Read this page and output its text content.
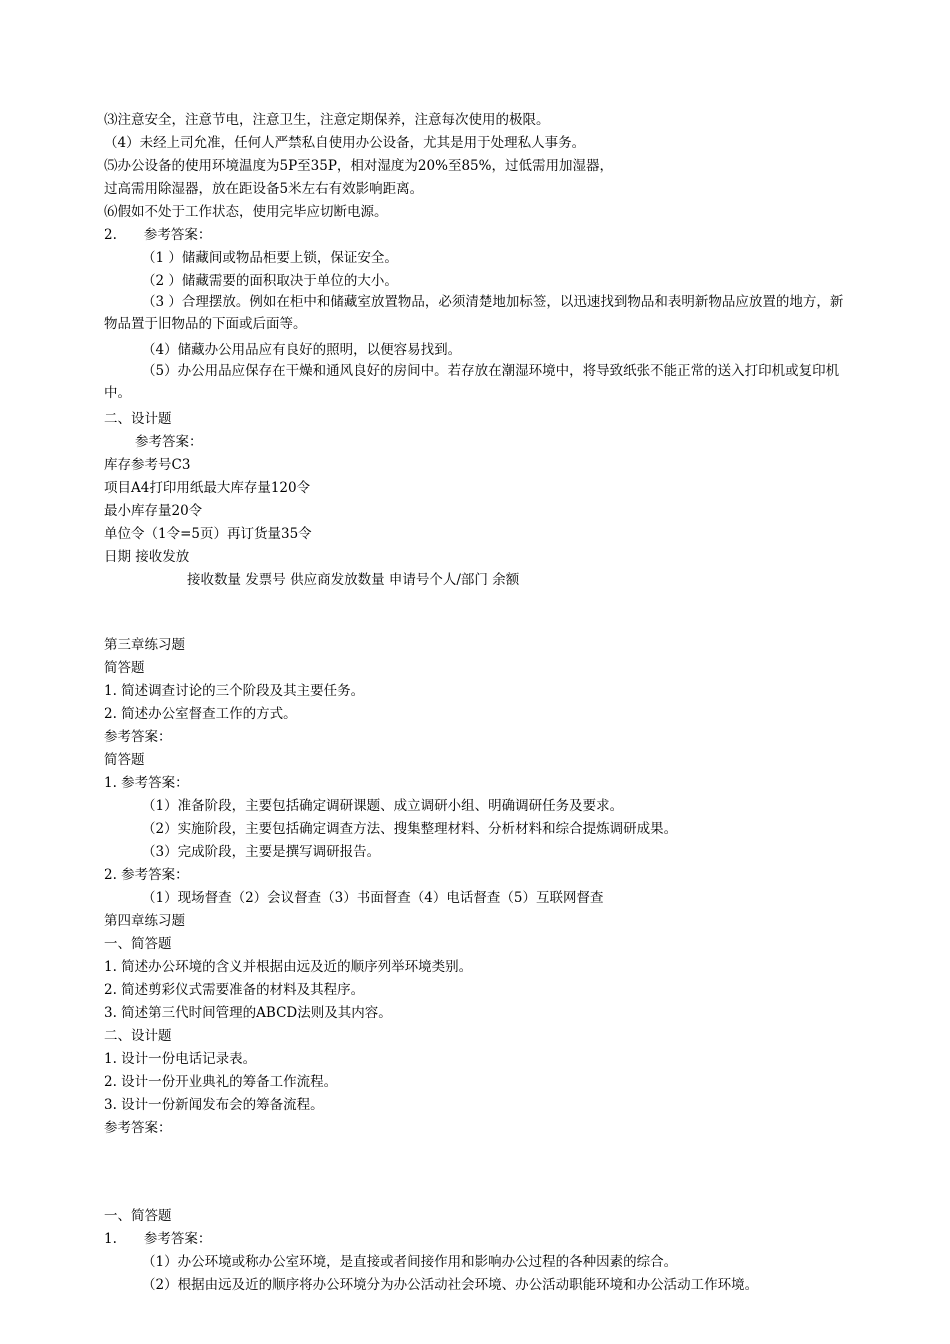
⑶注意安全，注意节电，注意卫生，注意定期保养，注意每次使用的极限。
（4）未经上司允准，任何人严禁私自使用办公设备，尤其是用于处理私人事务。
⑸办公设备的使用环境温度为5P至35P，相对湿度为20%至85%，过低需用加湿器，
过高需用除湿器，放在距设备5米左右有效影响距离。
⑹假如不处于工作状态，使用完毕应切断电源。
2.　　参考答案：
（1 ）储藏间或物品柜要上锁，保证安全。
（2 ）储藏需要的面积取决于单位的大小。
（3 ）合理摆放。例如在柜中和储藏室放置物品，必须清楚地加标签，以迅速找到物品和表明新物品应放置的地方，新物品置于旧物品的下面或后面等。
（4）储藏办公用品应有良好的照明，以便容易找到。
（5）办公用品应保存在干燥和通风良好的房间中。若存放在潮湿环境中，将导致纸张不能正常的送入打印机或复印机中。
二、设计题
参考答案：
库存参考号C3
项目A4打印用纸最大库存量120令
最小库存量20令
单位令（1令=5页）再订货量35令
日期 接收发放
接收数量 发票号 供应商发放数量 申请号个人/部门 余额
第三章练习题
简答题
1. 简述调查讨论的三个阶段及其主要任务。
2. 简述办公室督查工作的方式。
参考答案：
简答题
1. 参考答案：
（1）准备阶段，主要包括确定调研课题、成立调研小组、明确调研任务及要求。
（2）实施阶段，主要包括确定调查方法、搜集整理材料、分析材料和综合提炼调研成果。
（3）完成阶段，主要是撰写调研报告。
2. 参考答案：
（1）现场督查（2）会议督查（3）书面督查（4）电话督查（5）互联网督查
第四章练习题
一、简答题
1. 简述办公环境的含义并根据由远及近的顺序列举环境类别。
2. 简述剪彩仪式需要准备的材料及其程序。
3. 简述第三代时间管理的ABCD法则及其内容。
二、设计题
1. 设计一份电话记录表。
2. 设计一份开业典礼的筹备工作流程。
3. 设计一份新闻发布会的筹备流程。
参考答案：
一、简答题
1.　　参考答案：
（1）办公环境或称办公室环境，是直接或者间接作用和影响办公过程的各种因素的综合。
（2）根据由远及近的顺序将办公环境分为办公活动社会环境、办公活动职能环境和办公活动工作环境。
